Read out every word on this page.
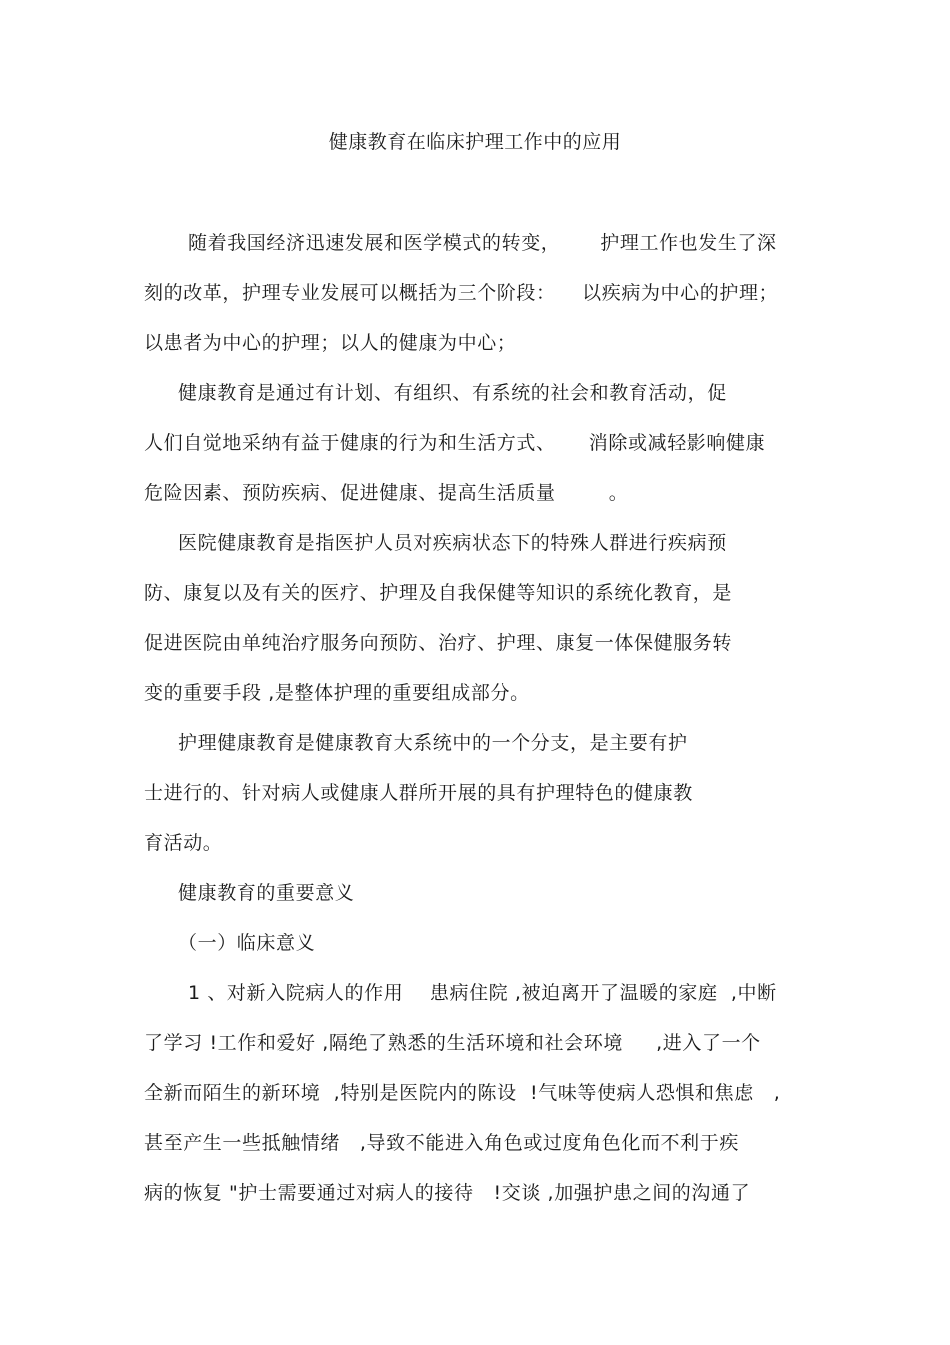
健康教育在临床护理工作中的应用
随着我国经济迅速发展和医学模式的转变，      护理工作也发生了深
刻的改革，护理专业发展可以概括为三个阶段：    以疾病为中心的护理；
以患者为中心的护理；以人的健康为中心；
健康教育是通过有计划、有组织、有系统的社会和教育活动，促
人们自觉地采纳有益于健康的行为和生活方式、     消除或减轻影响健康
危险因素、预防疾病、促进健康、提高生活质量        。
医院健康教育是指医护人员对疾病状态下的特殊人群进行疾病预
防、康复以及有关的医疗、护理及自我保健等知识的系统化教育，是
促进医院由单纯治疗服务向预防、治疗、护理、康复一体保健服务转
变的重要手段 ,是整体护理的重要组成部分。
护理健康教育是健康教育大系统中的一个分支，是主要有护
士进行的、针对病人或健康人群所开展的具有护理特色的健康教
育活动。
健康教育的重要意义
（一）临床意义
1 、对新入院病人的作用    患病住院 ,被迫离开了温暖的家庭  ,中断
了学习 !工作和爱好 ,隔绝了熟悉的生活环境和社会环境     ,进入了一个
全新而陌生的新环境  ,特别是医院内的陈设  !气味等使病人恐惧和焦虑   ,
甚至产生一些抵触情绪   ,导致不能进入角色或过度角色化而不利于疾
病的恢复 "护士需要通过对病人的接待   !交谈 ,加强护患之间的沟通了
